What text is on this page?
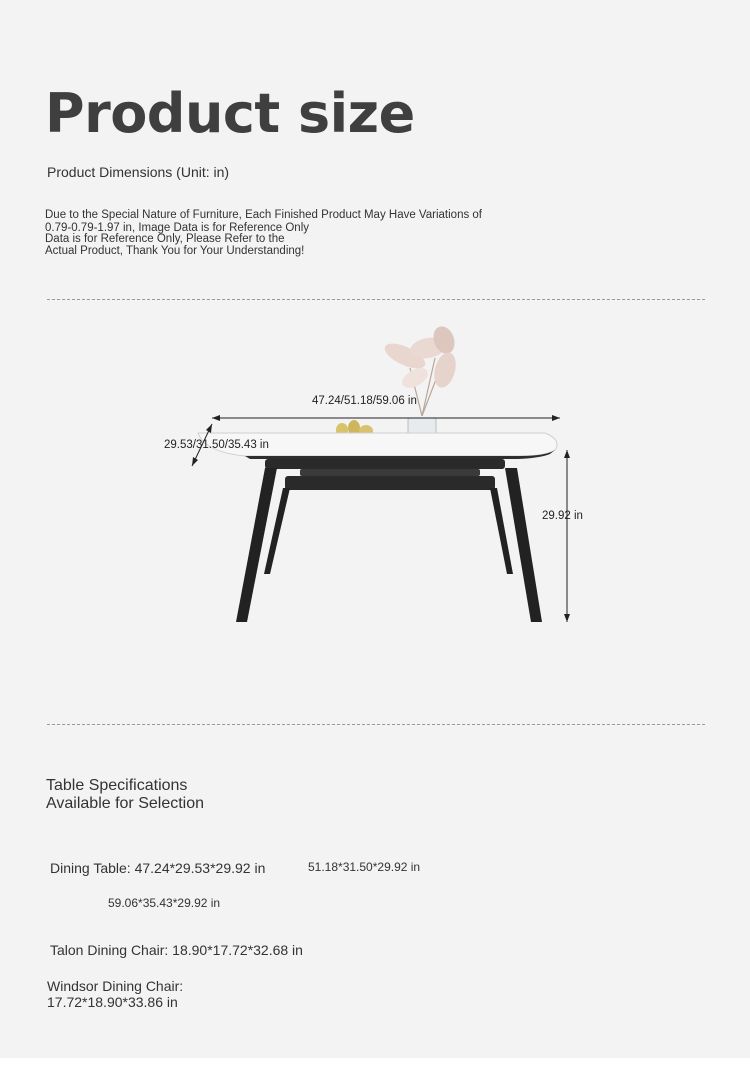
Product size
Product Dimensions (Unit: in)
Due to the Special Nature of Furniture, Each Finished Product May Have Variations of
0.79-0.79-1.97 in, Image Data is for Reference Only
Data is for Reference Only, Please Refer to the
Actual Product, Thank You for Your Understanding!
47.24/51.18/59.06 in
29.53/31.50/35.43 in
29.92 in
Table Specifications
Available for Selection
Dining Table: 47.24*29.53*29.92 in	51.18*31.50*29.92 in
59.06*35.43*29.92 in
Talon Dining Chair: 18.90*17.72*32.68 in
Windsor Dining Chair:
17.72*18.90*33.86 in
